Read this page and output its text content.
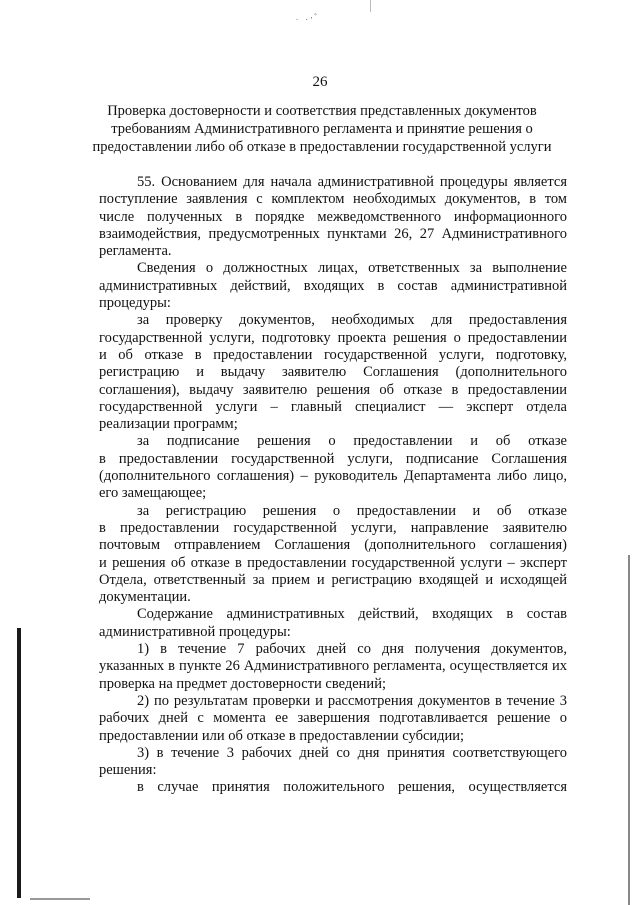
˙ ·‧˚
26
Проверка достоверности и соответствия представленных документов
требованиям Административного регламента и принятие решения о
предоставлении либо об отказе в предоставлении государственной услуги
55. Основанием для начала административной процедуры является
поступление заявления с комплектом необходимых документов, в том
числе полученных в порядке межведомственного информационного
взаимодействия, предусмотренных пунктами 26, 27 Административного
регламента.
Сведения о должностных лицах, ответственных за выполнение
административных действий, входящих в состав административной
процедуры:
за проверку документов, необходимых для предоставления
государственной услуги, подготовку проекта решения о предоставлении
и об отказе в предоставлении государственной услуги, подготовку,
регистрацию и выдачу заявителю Соглашения (дополнительного
соглашения), выдачу заявителю решения об отказе в предоставлении
государственной услуги – главный специалист — эксперт отдела
реализации программ;
за подписание решения о предоставлении и об отказе
в предоставлении государственной услуги, подписание Соглашения
(дополнительного соглашения) – руководитель Департамента либо лицо,
его замещающее;
за регистрацию решения о предоставлении и об отказе
в предоставлении государственной услуги, направление заявителю
почтовым отправлением Соглашения (дополнительного соглашения)
и решения об отказе в предоставлении государственной услуги – эксперт
Отдела, ответственный за прием и регистрацию входящей и исходящей
документации.
Содержание административных действий, входящих в состав
административной процедуры:
1) в течение 7 рабочих дней со дня получения документов,
указанных в пункте 26 Административного регламента, осуществляется их
проверка на предмет достоверности сведений;
2) по результатам проверки и рассмотрения документов в течение 3
рабочих дней с момента ее завершения подготавливается решение о
предоставлении или об отказе в предоставлении субсидии;
3) в течение 3 рабочих дней со дня принятия соответствующего
решения:
в случае принятия положительного решения, осуществляется
